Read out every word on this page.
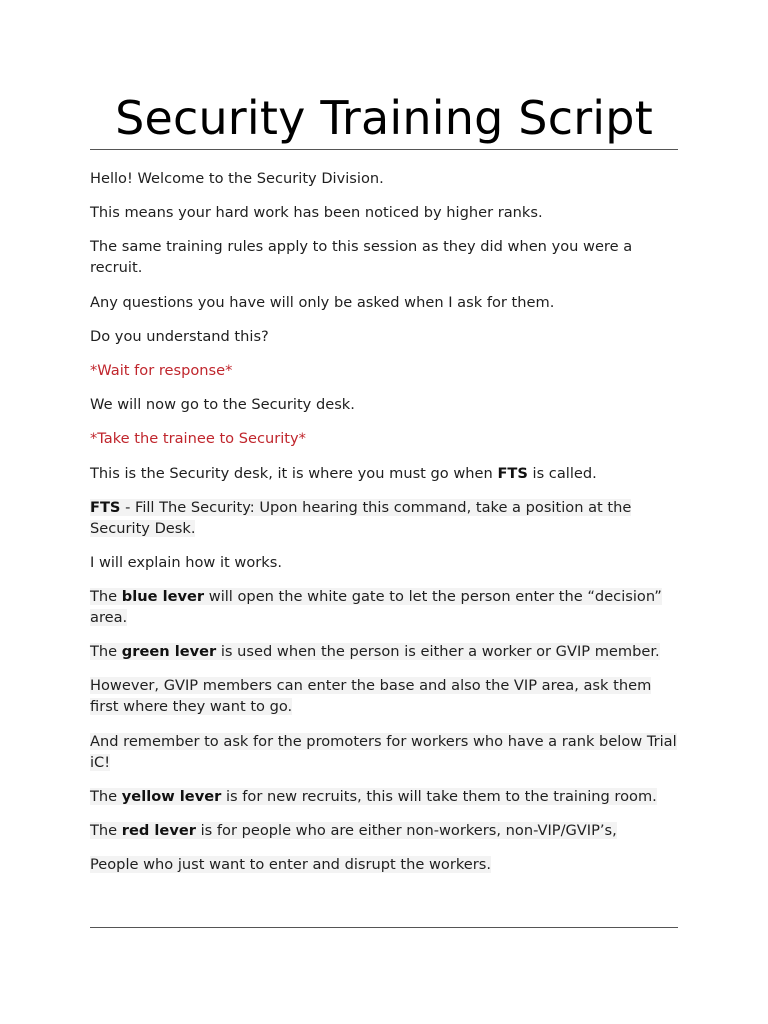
Security Training Script

Hello! Welcome to the Security Division.

This means your hard work has been noticed by higher ranks.

The same training rules apply to this session as they did when you were a recruit.

Any questions you have will only be asked when I ask for them.

Do you understand this?

*Wait for response*

We will now go to the Security desk.

*Take the trainee to Security*

This is the Security desk, it is where you must go when FTS is called.

FTS - Fill The Security: Upon hearing this command, take a position at the Security Desk.

I will explain how it works.

The blue lever will open the white gate to let the person enter the “decision” area.

The green lever is used when the person is either a worker or GVIP member.

However, GVIP members can enter the base and also the VIP area, ask them first where they want to go.

And remember to ask for the promoters for workers who have a rank below Trial iC!

The yellow lever is for new recruits, this will take them to the training room.

The red lever is for people who are either non-workers, non-VIP/GVIP’s,

People who just want to enter and disrupt the workers.
